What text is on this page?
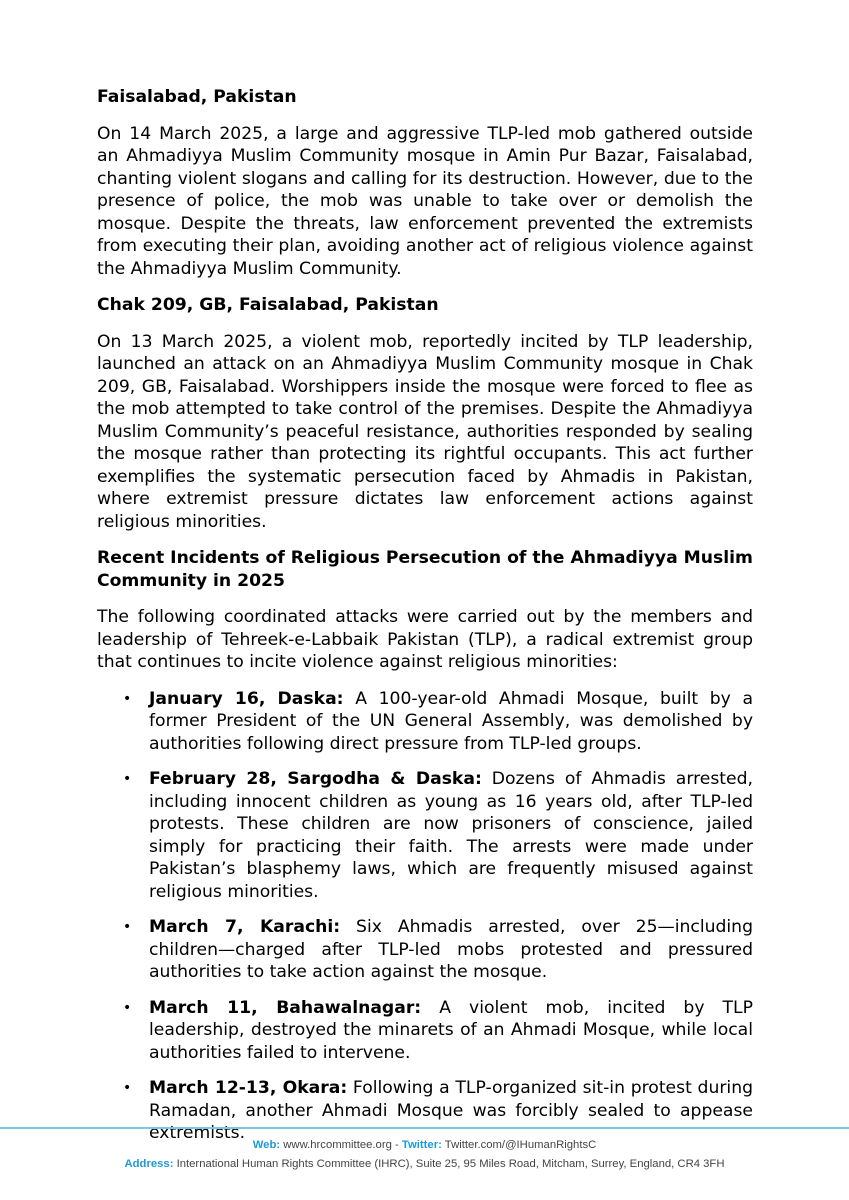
Faisalabad, Pakistan
On 14 March 2025, a large and aggressive TLP-led mob gathered outside an Ahmadiyya Muslim Community mosque in Amin Pur Bazar, Faisalabad, chanting violent slogans and calling for its destruction. However, due to the presence of police, the mob was unable to take over or demolish the mosque. Despite the threats, law enforcement prevented the extremists from executing their plan, avoiding another act of religious violence against the Ahmadiyya Muslim Community.
Chak 209, GB, Faisalabad, Pakistan
On 13 March 2025, a violent mob, reportedly incited by TLP leadership, launched an attack on an Ahmadiyya Muslim Community mosque in Chak 209, GB, Faisalabad. Worshippers inside the mosque were forced to flee as the mob attempted to take control of the premises. Despite the Ahmadiyya Muslim Community’s peaceful resistance, authorities responded by sealing the mosque rather than protecting its rightful occupants. This act further exemplifies the systematic persecution faced by Ahmadis in Pakistan, where extremist pressure dictates law enforcement actions against religious minorities.
Recent Incidents of Religious Persecution of the Ahmadiyya Muslim Community in 2025
The following coordinated attacks were carried out by the members and leadership of Tehreek-e-Labbaik Pakistan (TLP), a radical extremist group that continues to incite violence against religious minorities:
• January 16, Daska: A 100-year-old Ahmadi Mosque, built by a former President of the UN General Assembly, was demolished by authorities following direct pressure from TLP-led groups.
• February 28, Sargodha & Daska: Dozens of Ahmadis arrested, including innocent children as young as 16 years old, after TLP-led protests. These children are now prisoners of conscience, jailed simply for practicing their faith. The arrests were made under Pakistan’s blasphemy laws, which are frequently misused against religious minorities.
• March 7, Karachi: Six Ahmadis arrested, over 25—including children—charged after TLP-led mobs protested and pressured authorities to take action against the mosque.
• March 11, Bahawalnagar: A violent mob, incited by TLP leadership, destroyed the minarets of an Ahmadi Mosque, while local authorities failed to intervene.
• March 12-13, Okara: Following a TLP-organized sit-in protest during Ramadan, another Ahmadi Mosque was forcibly sealed to appease extremists.
Web: www.hrcommittee.org - Twitter: Twitter.com/@IHumanRightsC
Address: International Human Rights Committee (IHRC), Suite 25, 95 Miles Road, Mitcham, Surrey, England, CR4 3FH
